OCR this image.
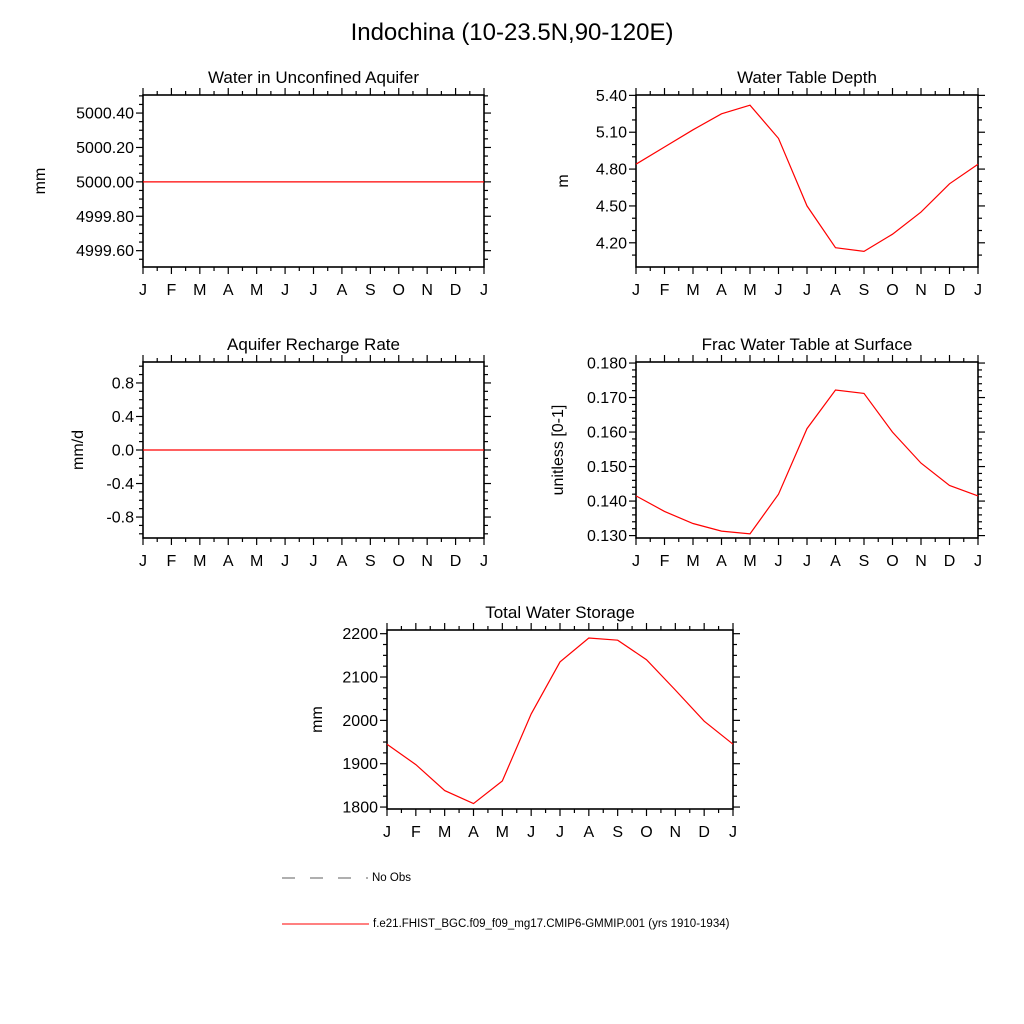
Indochina (10-23.5N,90-120E)
J F M A M J J A S O N D J
5000.40
5000.20
5000.00
4999.80
4999.60
Water in Unconfined Aquifer
mm
J F M A M J J A S O N D J
5.40
5.10
4.80
4.50
4.20
Water Table Depth
m
J F M A M J J A S O N D J
0.8
0.4
0.0
-0.4
-0.8
Aquifer Recharge Rate
mm/d
J F M A M J J A S O N D J
0.180
0.170
0.160
0.150
0.140
0.130
Frac Water Table at Surface
unitless [0-1]
J F M A M J J A S O N D J
2200
2100
2000
1900
1800
Total Water Storage
mm
No Obs
f.e21.FHIST_BGC.f09_f09_mg17.CMIP6-GMMIP.001 (yrs 1910-1934)
